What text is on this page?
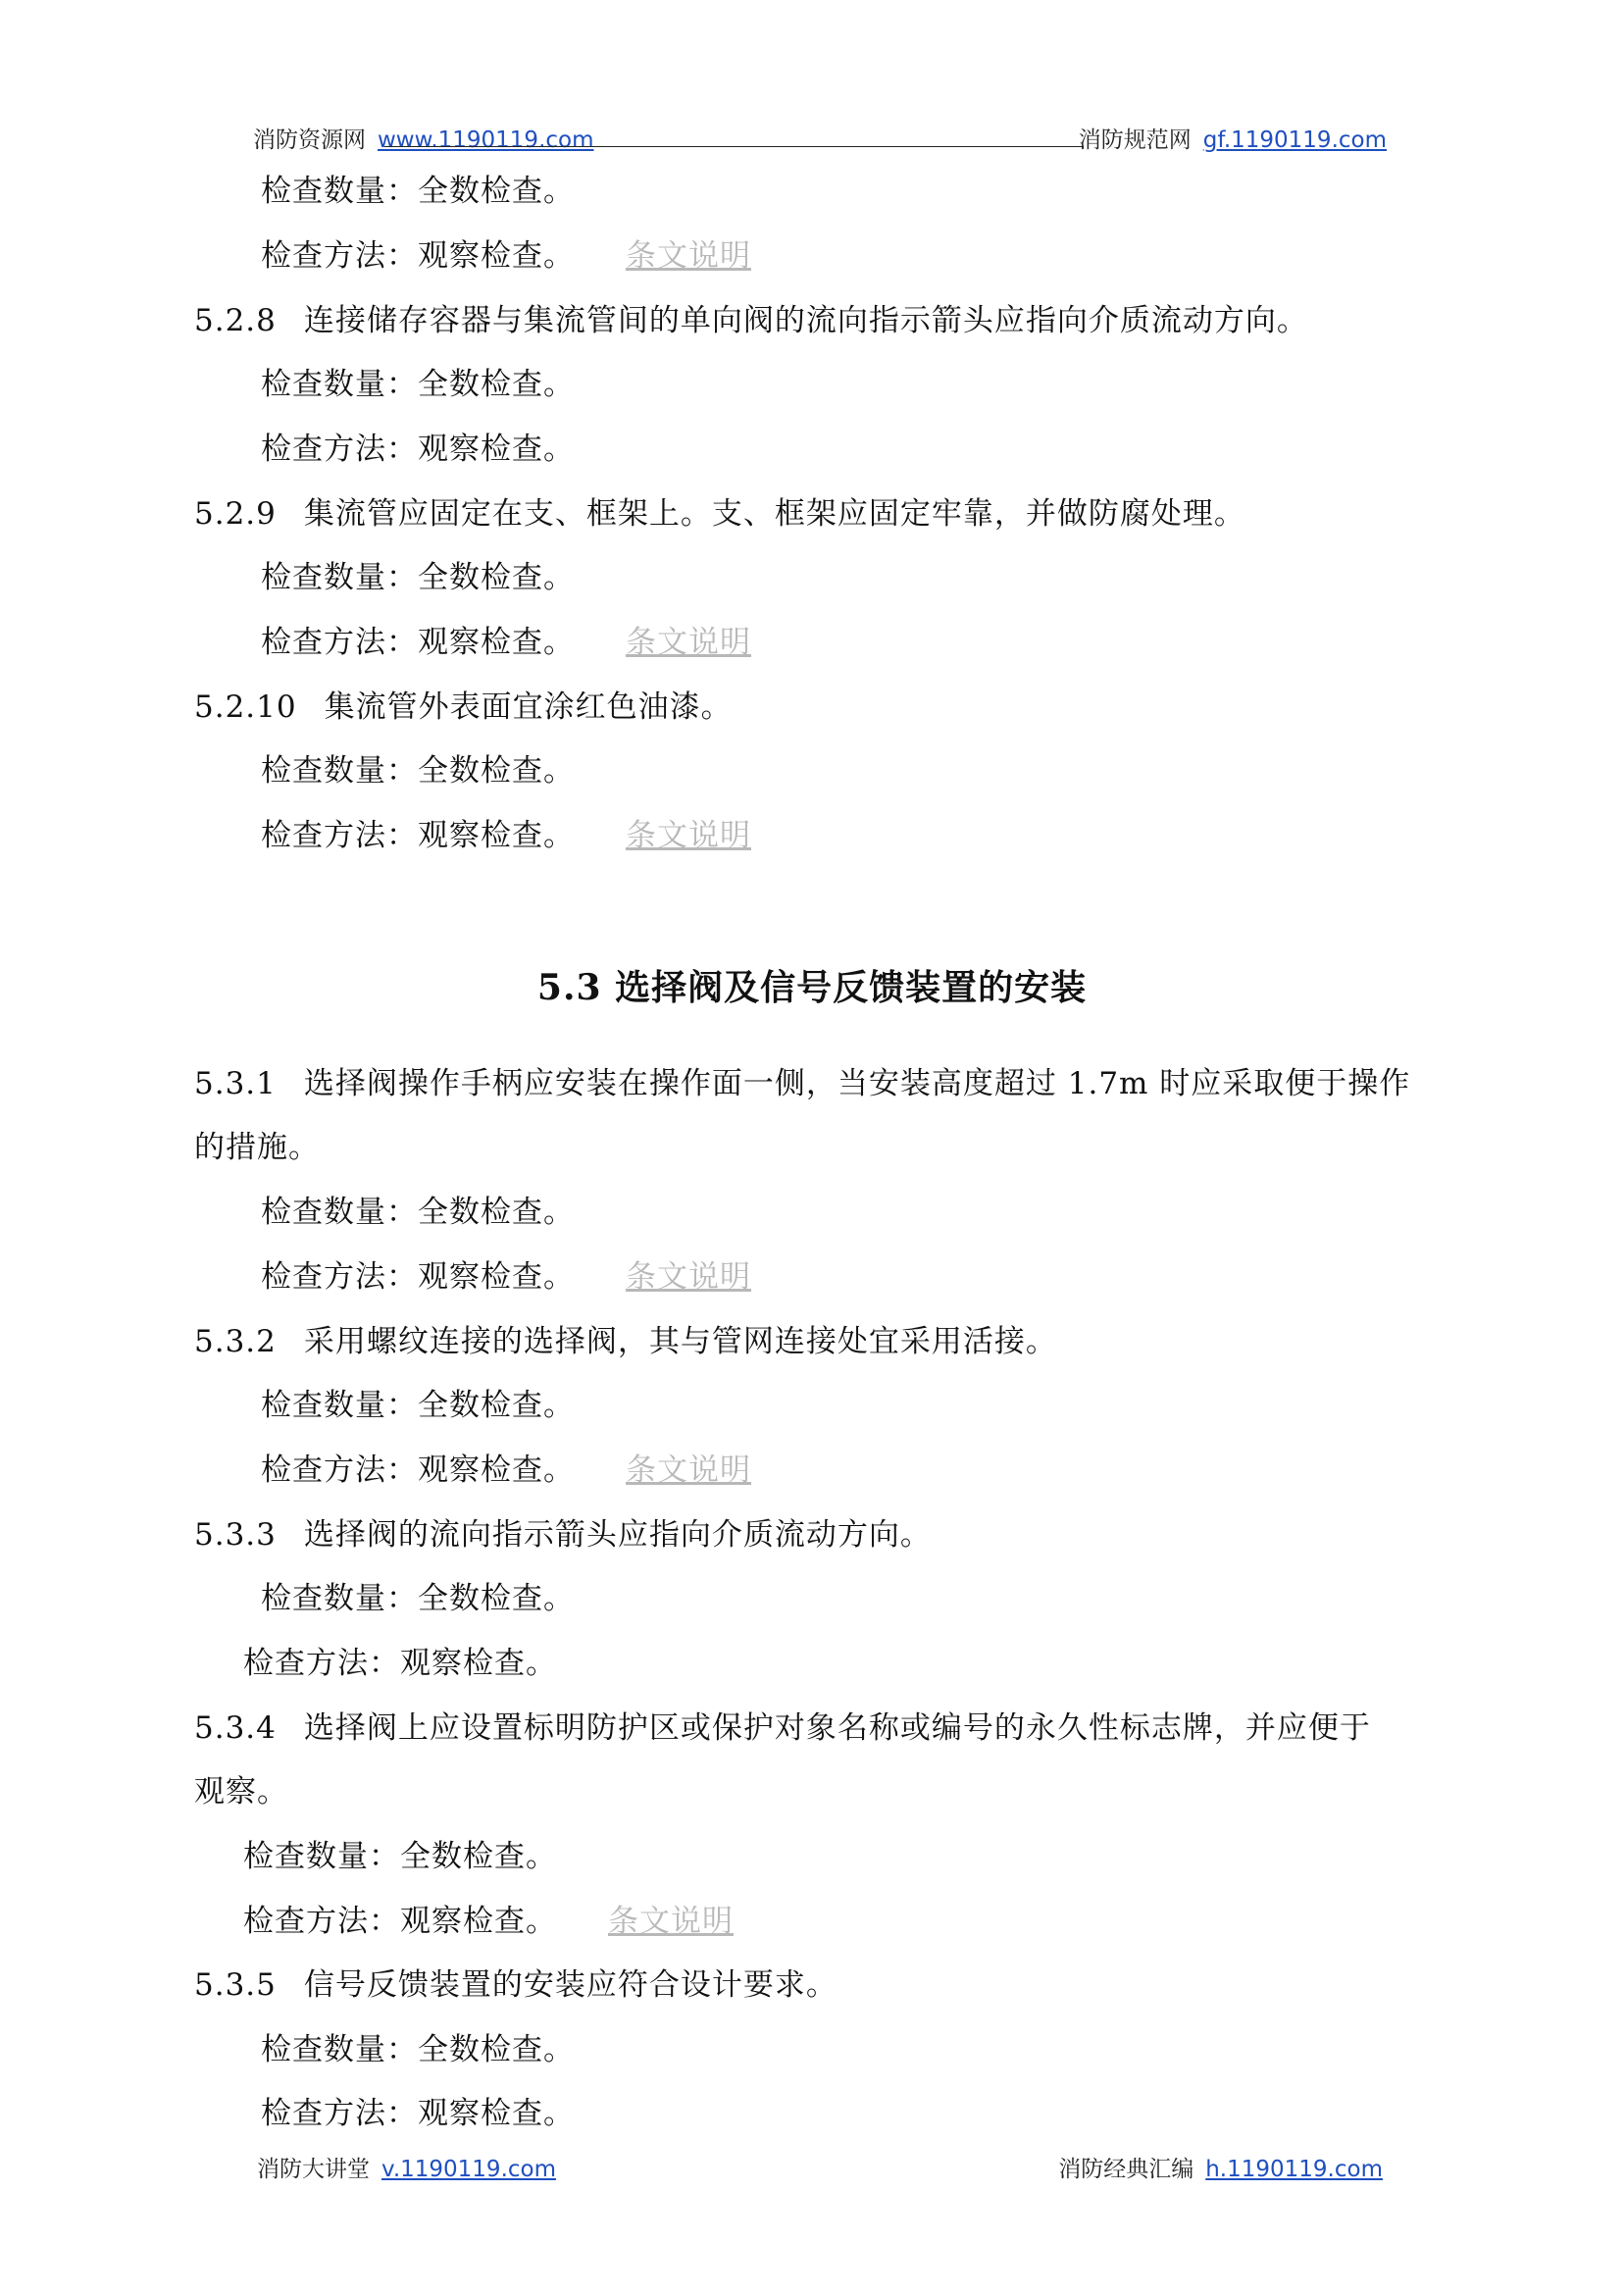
消防资源网 www.1190119.com	消防规范网 gf.1190119.com
检查数量：全数检查。
检查方法：观察检查。 条文说明
5.2.8 连接储存容器与集流管间的单向阀的流向指示箭头应指向介质流动方向。
检查数量：全数检查。
检查方法：观察检查。
5.2.9 集流管应固定在支、框架上。支、框架应固定牢靠，并做防腐处理。
检查数量：全数检查。
检查方法：观察检查。 条文说明
5.2.10 集流管外表面宜涂红色油漆。
检查数量：全数检查。
检查方法：观察检查。 条文说明
5.3 选择阀及信号反馈装置的安装
5.3.1 选择阀操作手柄应安装在操作面一侧，当安装高度超过 1.7m 时应采取便于操作
的措施。
检查数量：全数检查。
检查方法：观察检查。 条文说明
5.3.2 采用螺纹连接的选择阀，其与管网连接处宜采用活接。
检查数量：全数检查。
检查方法：观察检查。 条文说明
5.3.3 选择阀的流向指示箭头应指向介质流动方向。
检查数量：全数检查。
检查方法：观察检查。
5.3.4 选择阀上应设置标明防护区或保护对象名称或编号的永久性标志牌，并应便于
观察。
检查数量：全数检查。
检查方法：观察检查。 条文说明
5.3.5 信号反馈装置的安装应符合设计要求。
检查数量：全数检查。
检查方法：观察检查。
消防大讲堂 v.1190119.com	消防经典汇编 h.1190119.com
